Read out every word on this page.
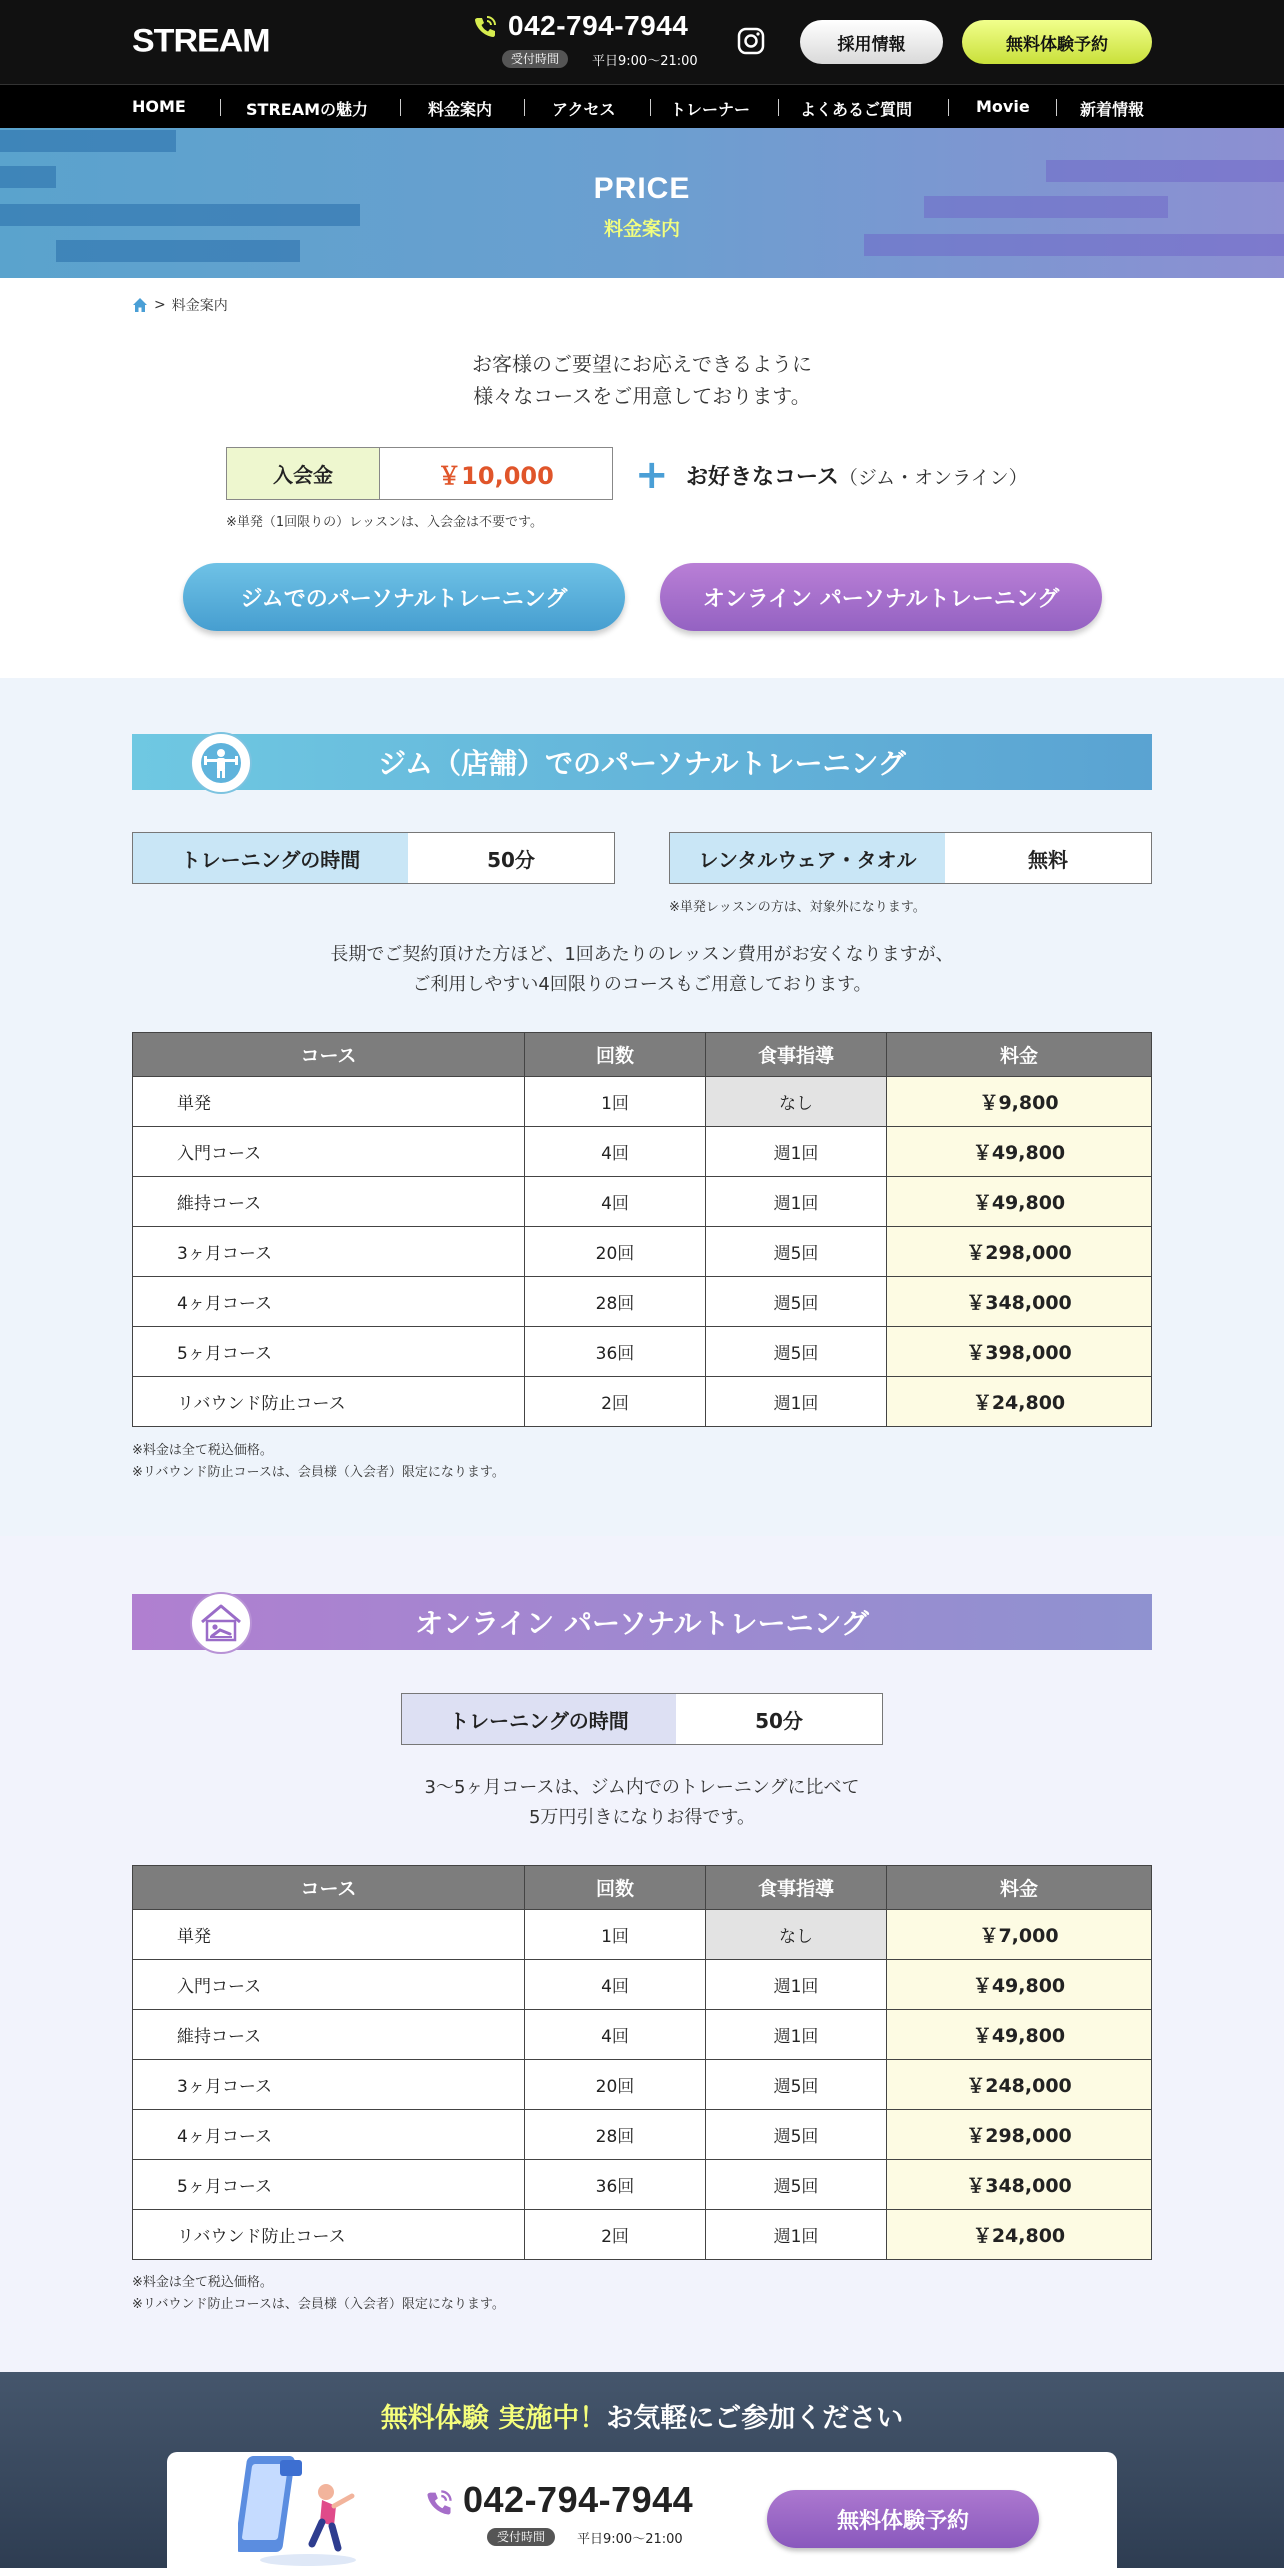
STREAM	042-794-7944
受付時間	平日9:00～21:00
採用情報	無料体験予約
HOME	STREAMの魅力	料金案内	アクセス	トレーナー	よくあるご質問	Movie	新着情報
PRICE
料金案内
> 料金案内
お客様のご要望にお応えできるように
様々なコースをご用意しております。
入会金	￥10,000	+ お好きなコース（ジム・オンライン）
※単発（1回限りの）レッスンは、入会金は不要です。
ジムでのパーソナルトレーニング	オンライン パーソナルトレーニング
ジム（店舗）でのパーソナルトレーニング
トレーニングの時間	50分	レンタルウェア・タオル	無料
※単発レッスンの方は、対象外になります。
長期でご契約頂けた方ほど、1回あたりのレッスン費用がお安くなりますが、
ご利用しやすい4回限りのコースもご用意しております。
コース	回数	食事指導	料金
単発	1回	なし	￥9,800
入門コース	4回	週1回	￥49,800
維持コース	4回	週1回	￥49,800
3ヶ月コース	20回	週5回	￥298,000
4ヶ月コース	28回	週5回	￥348,000
5ヶ月コース	36回	週5回	￥398,000
リバウンド防止コース	2回	週1回	￥24,800
※料金は全て税込価格。
※リバウンド防止コースは、会員様（入会者）限定になります。
オンライン パーソナルトレーニング
トレーニングの時間	50分
3～5ヶ月コースは、ジム内でのトレーニングに比べて
5万円引きになりお得です。
コース	回数	食事指導	料金
単発	1回	なし	￥7,000
入門コース	4回	週1回	￥49,800
維持コース	4回	週1回	￥49,800
3ヶ月コース	20回	週5回	￥248,000
4ヶ月コース	28回	週5回	￥298,000
5ヶ月コース	36回	週5回	￥348,000
リバウンド防止コース	2回	週1回	￥24,800
※料金は全て税込価格。
※リバウンド防止コースは、会員様（入会者）限定になります。
無料体験 実施中！お気軽にご参加ください
042-794-7944
受付時間	平日9:00～21:00
無料体験予約
